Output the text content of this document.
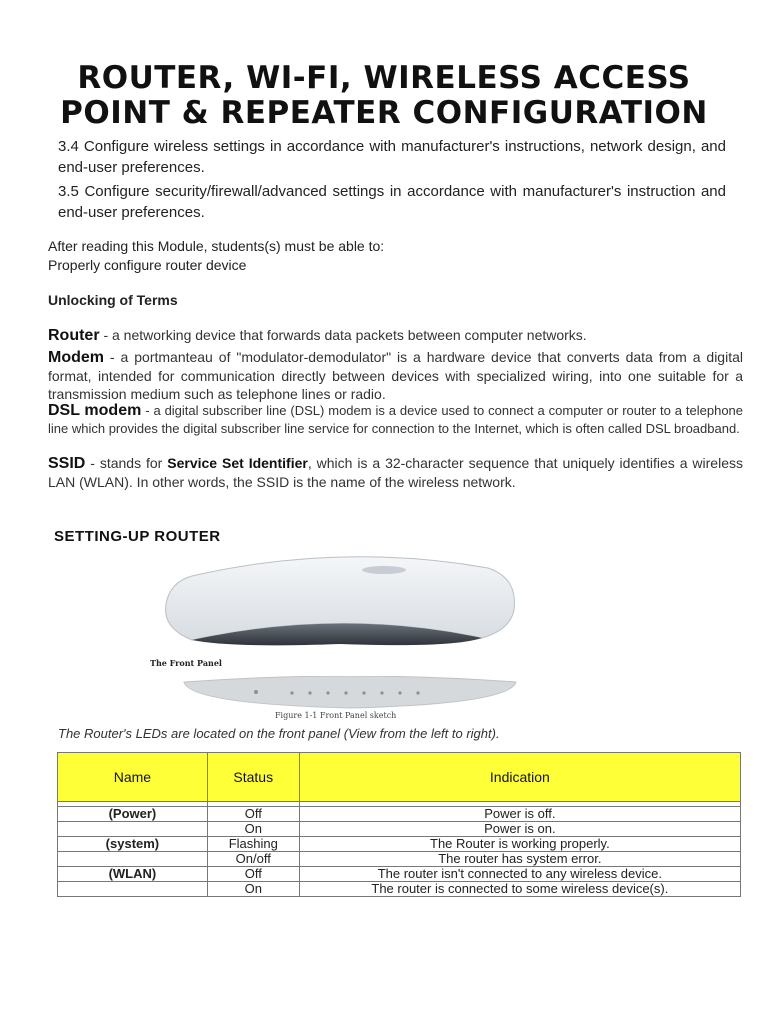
ROUTER, WI-FI, WIRELESS ACCESS
POINT & REPEATER CONFIGURATION
3.4 Configure wireless settings in accordance with manufacturer's instructions, network design, and end-user preferences.
3.5 Configure security/firewall/advanced settings in accordance with manufacturer's instruction and end-user preferences.
After reading this Module, students(s) must be able to:
Properly configure router device
Unlocking of Terms
Router - a networking device that forwards data packets between computer networks.
Modem - a portmanteau of "modulator-demodulator" is a hardware device that converts data from a digital format, intended for communication directly between devices with specialized wiring, into one suitable for a transmission medium such as telephone lines or radio.
DSL modem - a digital subscriber line (DSL) modem is a device used to connect a computer or router to a telephone line which provides the digital subscriber line service for connection to the Internet, which is often called DSL broadband.
SSID - stands for Service Set Identifier, which is a 32-character sequence that uniquely identifies a wireless LAN (WLAN). In other words, the SSID is the name of the wireless network.
SETTING-UP ROUTER
The Front Panel
Figure 1-1 Front Panel sketch
The Router's LEDs are located on the front panel (View from the left to right).
Name	Status	Indication

(Power)	Off	Power is off.
	On	Power is on.
(system)	Flashing	The Router is working properly.
	On/off	The router has system error.
(WLAN)	Off	The router isn't connected to any wireless device.
	On	The router is connected to some wireless device(s).
